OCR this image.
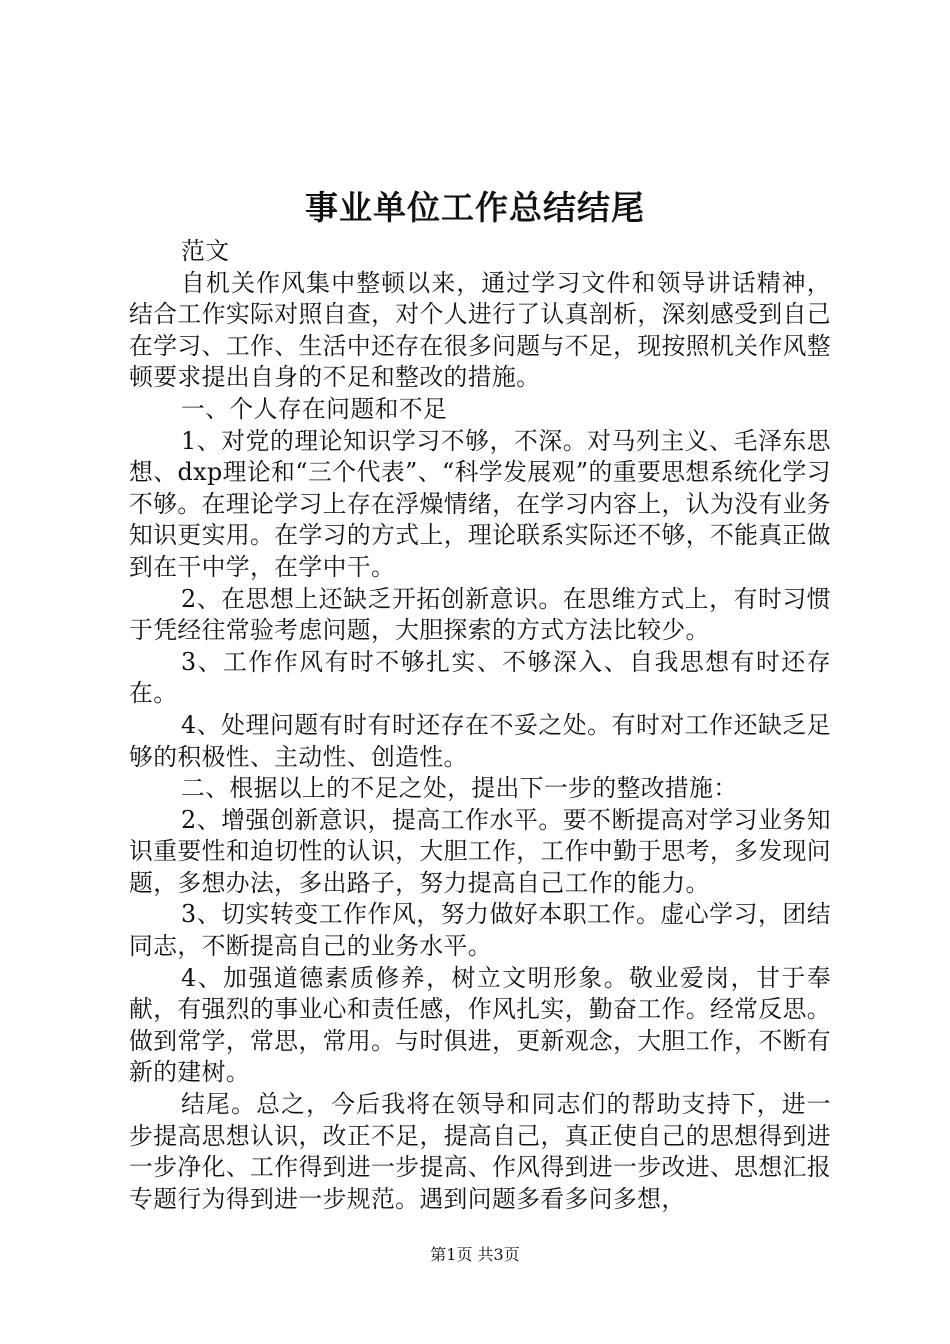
事业单位工作总结结尾

范文

自机关作风集中整顿以来，通过学习文件和领导讲话精神，结合工作实际对照自查，对个人进行了认真剖析，深刻感受到自己在学习、工作、生活中还存在很多问题与不足，现按照机关作风整顿要求提出自身的不足和整改的措施。

一、个人存在问题和不足

1、对党的理论知识学习不够，不深。对马列主义、毛泽东思想、dxp理论和“三个代表”、“科学发展观”的重要思想系统化学习不够。在理论学习上存在浮燥情绪，在学习内容上，认为没有业务知识更实用。在学习的方式上，理论联系实际还不够，不能真正做到在干中学，在学中干。

2、在思想上还缺乏开拓创新意识。在思维方式上，有时习惯于凭经往常验考虑问题，大胆探索的方式方法比较少。

3、工作作风有时不够扎实、不够深入、自我思想有时还存在。

4、处理问题有时有时还存在不妥之处。有时对工作还缺乏足够的积极性、主动性、创造性。

二、根据以上的不足之处，提出下一步的整改措施：

2、增强创新意识，提高工作水平。要不断提高对学习业务知识重要性和迫切性的认识，大胆工作，工作中勤于思考，多发现问题，多想办法，多出路子，努力提高自己工作的能力。

3、切实转变工作作风，努力做好本职工作。虚心学习，团结同志，不断提高自己的业务水平。

4、加强道德素质修养，树立文明形象。敬业爱岗，甘于奉献，有强烈的事业心和责任感，作风扎实，勤奋工作。经常反思。做到常学，常思，常用。与时俱进，更新观念，大胆工作，不断有新的建树。

结尾。总之，今后我将在领导和同志们的帮助支持下，进一步提高思想认识，改正不足，提高自己，真正使自己的思想得到进一步净化、工作得到进一步提高、作风得到进一步改进、思想汇报专题行为得到进一步规范。遇到问题多看多问多想，

第1页 共3页
